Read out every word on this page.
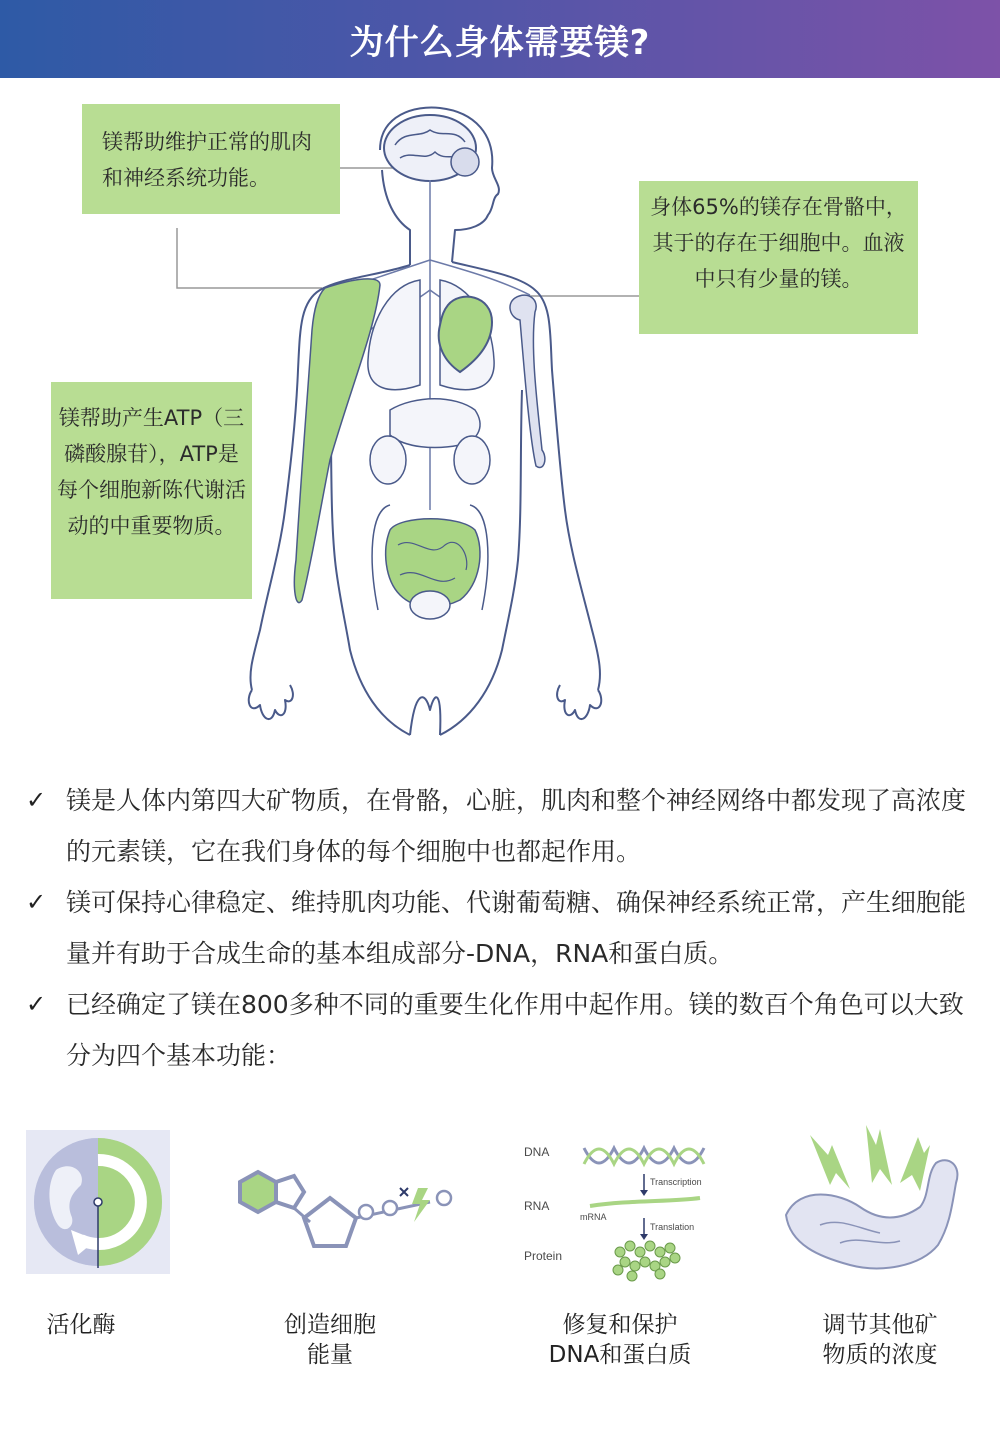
为什么身体需要镁?
镁帮助维护正常的肌肉和神经系统功能。
身体65%的镁存在骨骼中，其于的存在于细胞中。血液中只有少量的镁。
镁帮助产生ATP（三磷酸腺苷），ATP是每个细胞新陈代谢活动的中重要物质。
✓ 镁是人体内第四大矿物质，在骨骼，心脏，肌肉和整个神经网络中都发现了高浓度的元素镁，它在我们身体的每个细胞中也都起作用。
✓ 镁可保持心律稳定、维持肌肉功能、代谢葡萄糖、确保神经系统正常，产生细胞能量并有助于合成生命的基本组成部分-DNA，RNA和蛋白质。
✓ 已经确定了镁在800多种不同的重要生化作用中起作用。镁的数百个角色可以大致分为四个基本功能：
DNA
RNA
Protein
Transcription
mRNA
Translation
活化酶	创造细胞
能量
修复和保护
DNA和蛋白质
调节其他矿
物质的浓度
